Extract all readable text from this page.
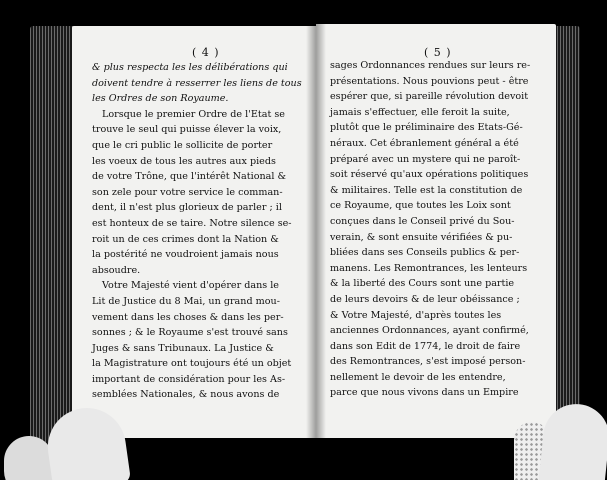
( 4 )
& plus respecta les les délibérations qui
doivent tendre à resserrer les liens de tous
les Ordres de son Royaume.
Lorsque le premier Ordre de l'Etat se
trouve le seul qui puisse élever la voix,
que le cri public le sollicite de porter
les voeux de tous les autres aux pieds
de votre Trône, que l'intérêt National &
son zele pour votre service le comman-
dent, il n'est plus glorieux de parler ; il
est honteux de se taire. Notre silence se-
roit un de ces crimes dont la Nation &
la postérité ne voudroient jamais nous
absoudre.
Votre Majesté vient d'opérer dans le
Lit de Justice du 8 Mai, un grand mou-
vement dans les choses & dans les per-
sonnes ; & le Royaume s'est trouvé sans
Juges & sans Tribunaux. La Justice &
la Magistrature ont toujours été un objet
important de considération pour les As-
semblées Nationales, & nous avons de
( 5 )
sages Ordonnances rendues sur leurs re-
présentations. Nous pouvions peut - être
espérer que, si pareille révolution devoit
jamais s'effectuer, elle feroit la suite,
plutôt que le préliminaire des Etats-Gé-
néraux. Cet ébranlement général a été
préparé avec un mystere qui ne paroît-
soit réservé qu'aux opérations politiques
& militaires. Telle est la constitution de
ce Royaume, que toutes les Loix sont
conçues dans le Conseil privé du Sou-
verain, & sont ensuite vérifiées & pu-
bliées dans ses Conseils publics & per-
manens. Les Remontrances, les lenteurs
& la liberté des Cours sont une partie
de leurs devoirs & de leur obéissance ;
& Votre Majesté, d'après toutes les
anciennes Ordonnances, ayant confirmé,
dans son Edit de 1774, le droit de faire
des Remontrances, s'est imposé person-
nellement le devoir de les entendre,
parce que nous vivons dans un Empire
